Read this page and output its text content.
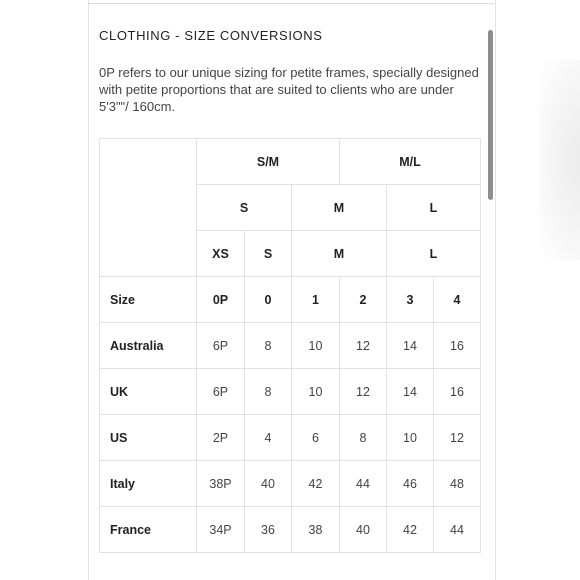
CLOTHING - SIZE CONVERSIONS
0P refers to our unique sizing for petite frames, specially designed with petite proportions that are suited to clients who are under 5'3""/ 160cm.
	S/M			M/L		
	S		M		L	
	XS	S	M		L	
Size	0P	0	1	2	3	4
Australia	6P	8	10	12	14	16
UK	6P	8	10	12	14	16
US	2P	4	6	8	10	12
Italy	38P	40	42	44	46	48
France	34P	36	38	40	42	44
